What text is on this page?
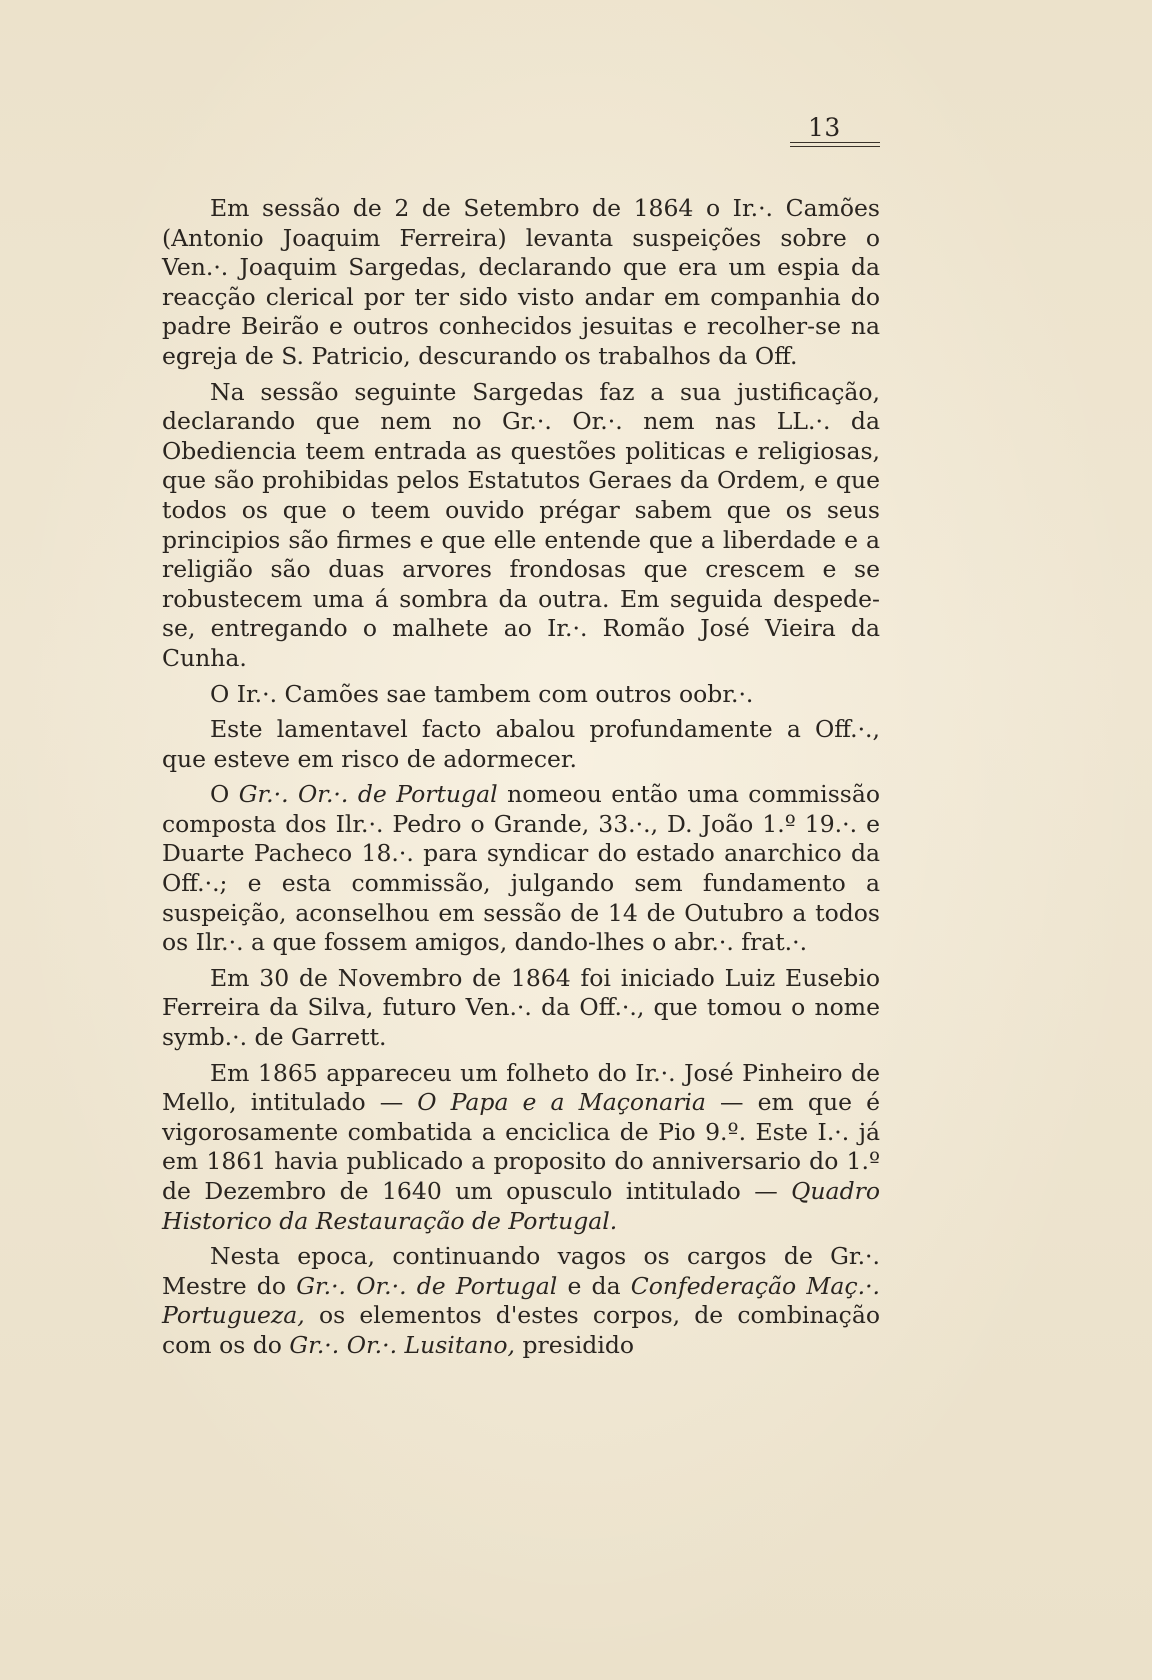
13

Em sessão de 2 de Setembro de 1864 o Ir.·. Camões (Antonio Joaquim Ferreira) levanta suspeições sobre o Ven.·. Joaquim Sargedas, declarando que era um espia da reacção clerical por ter sido visto andar em companhia do padre Beirão e outros conhecidos jesuitas e recolher-se na egreja de S. Patricio, descurando os trabalhos da Off.

Na sessão seguinte Sargedas faz a sua justificação, declarando que nem no Gr.·. Or.·. nem nas LL.·. da Obediencia teem entrada as questões politicas e religiosas, que são prohibidas pelos Estatutos Geraes da Ordem, e que todos os que o teem ouvido prégar sabem que os seus principios são firmes e que elle entende que a liberdade e a religião são duas arvores frondosas que crescem e se robustecem uma á sombra da outra. Em seguida despede-se, entregando o malhete ao Ir.·. Romão José Vieira da Cunha.

O Ir.·. Camões sae tambem com outros oobr.·.

Este lamentavel facto abalou profundamente a Off.·., que esteve em risco de adormecer.

O Gr.·. Or.·. de Portugal nomeou então uma commissão composta dos Ilr.·. Pedro o Grande, 33.·., D. João 1.º 19.·. e Duarte Pacheco 18.·. para syndicar do estado anarchico da Off.·.; e esta commissão, julgando sem fundamento a suspeição, aconselhou em sessão de 14 de Outubro a todos os Ilr.·. a que fossem amigos, dando-lhes o abr.·. frat.·.

Em 30 de Novembro de 1864 foi iniciado Luiz Eusebio Ferreira da Silva, futuro Ven.·. da Off.·., que tomou o nome symb.·. de Garrett.

Em 1865 appareceu um folheto do Ir.·. José Pinheiro de Mello, intitulado — O Papa e a Maçonaria — em que é vigorosamente combatida a enciclica de Pio 9.º. Este I.·. já em 1861 havia publicado a proposito do anniversario do 1.º de Dezembro de 1640 um opusculo intitulado — Quadro Historico da Restauração de Portugal.

Nesta epoca, continuando vagos os cargos de Gr.·. Mestre do Gr.·. Or.·. de Portugal e da Confederação Maç.·. Portugueza, os elementos d'estes corpos, de combinação com os do Gr.·. Or.·. Lusitano, presidido
